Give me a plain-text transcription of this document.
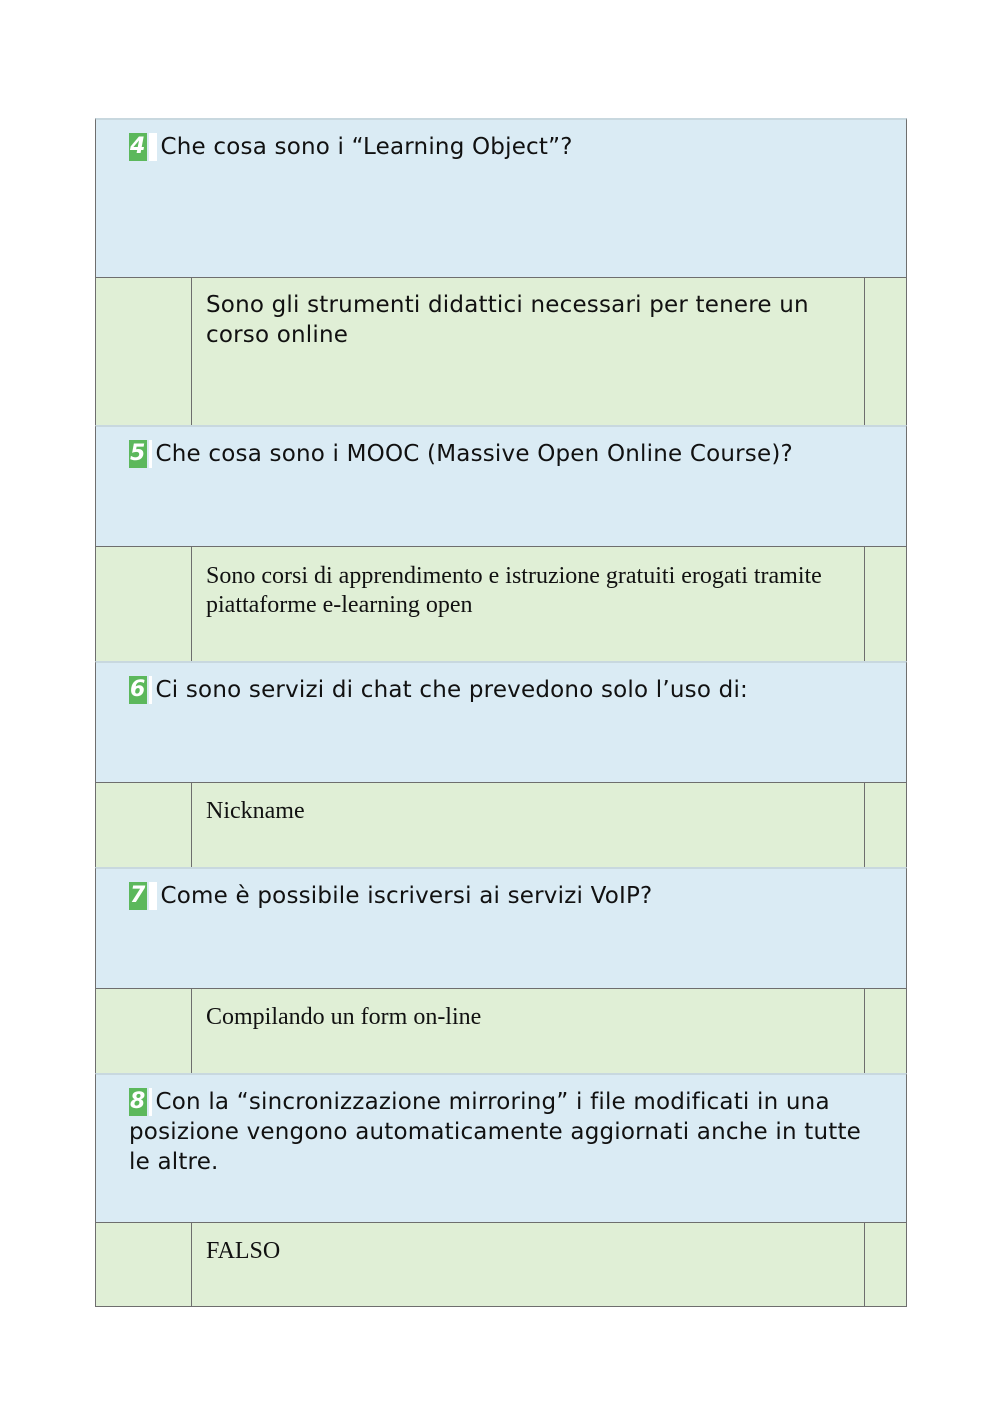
4 Che cosa sono i “Learning Object”?
Sono gli strumenti didattici necessari per tenere un corso online
5 Che cosa sono i MOOC (Massive Open Online Course)?
Sono corsi di apprendimento e istruzione gratuiti erogati tramite piattaforme e-learning open
6 Ci sono servizi di chat che prevedono solo l’uso di:
Nickname
7 Come è possibile iscriversi ai servizi VoIP?
Compilando un form on-line
8 Con la “sincronizzazione mirroring” i file modificati in una posizione vengono automaticamente aggiornati anche in tutte le altre.
FALSO
